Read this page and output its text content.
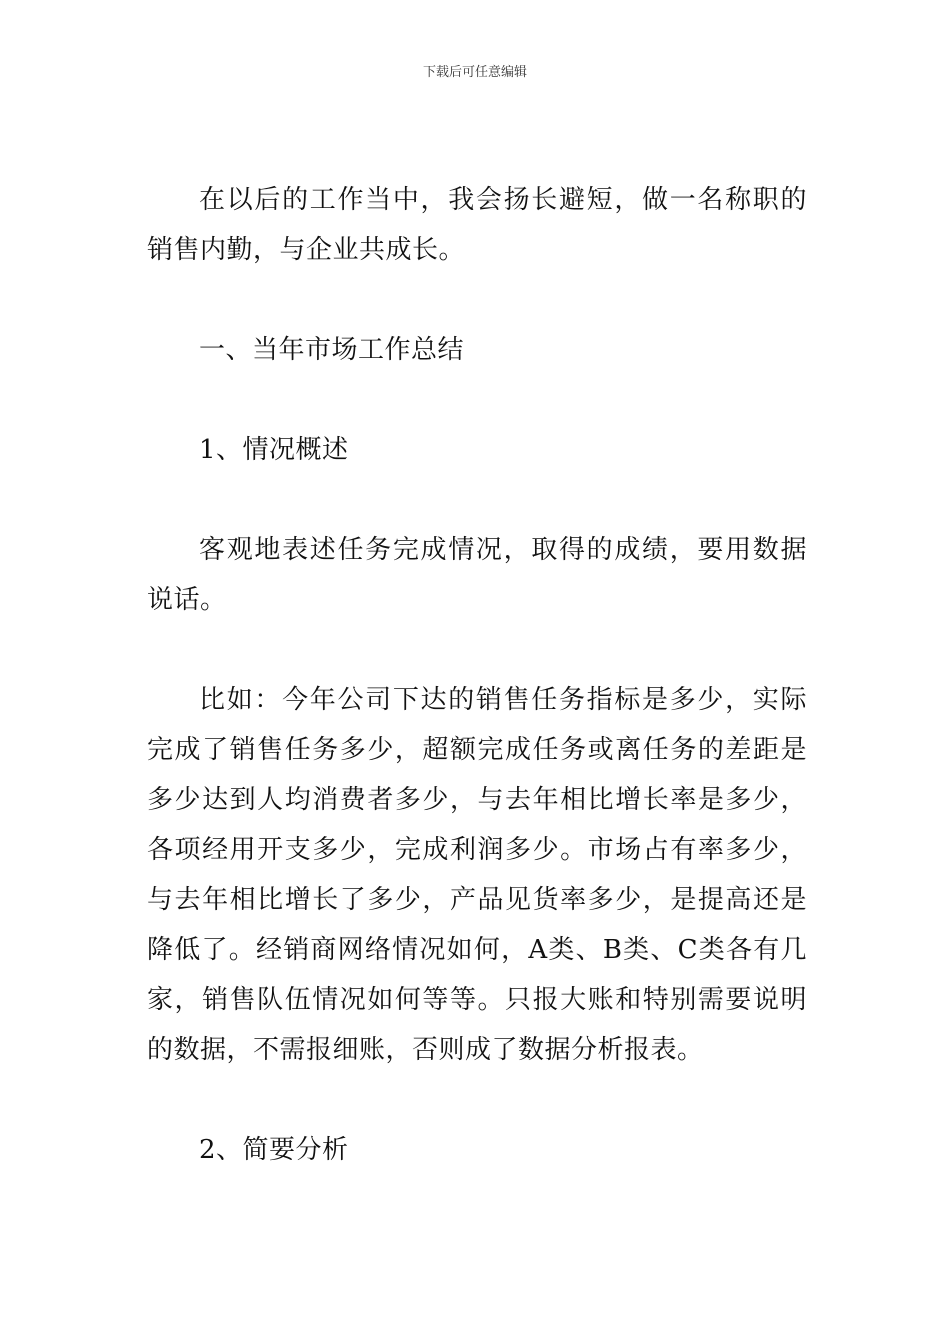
下载后可任意编辑

在以后的工作当中，我会扬长避短，做一名称职的销售内勤，与企业共成长。

一、当年市场工作总结

1、情况概述

客观地表述任务完成情况，取得的成绩，要用数据说话。

比如：今年公司下达的销售任务指标是多少，实际完成了销售任务多少，超额完成任务或离任务的差距是多少达到人均消费者多少，与去年相比增长率是多少，各项经用开支多少，完成利润多少。市场占有率多少，与去年相比增长了多少，产品见货率多少，是提高还是降低了。经销商网络情况如何，A类、B类、C类各有几家，销售队伍情况如何等等。只报大账和特别需要说明的数据，不需报细账，否则成了数据分析报表。

2、简要分析
